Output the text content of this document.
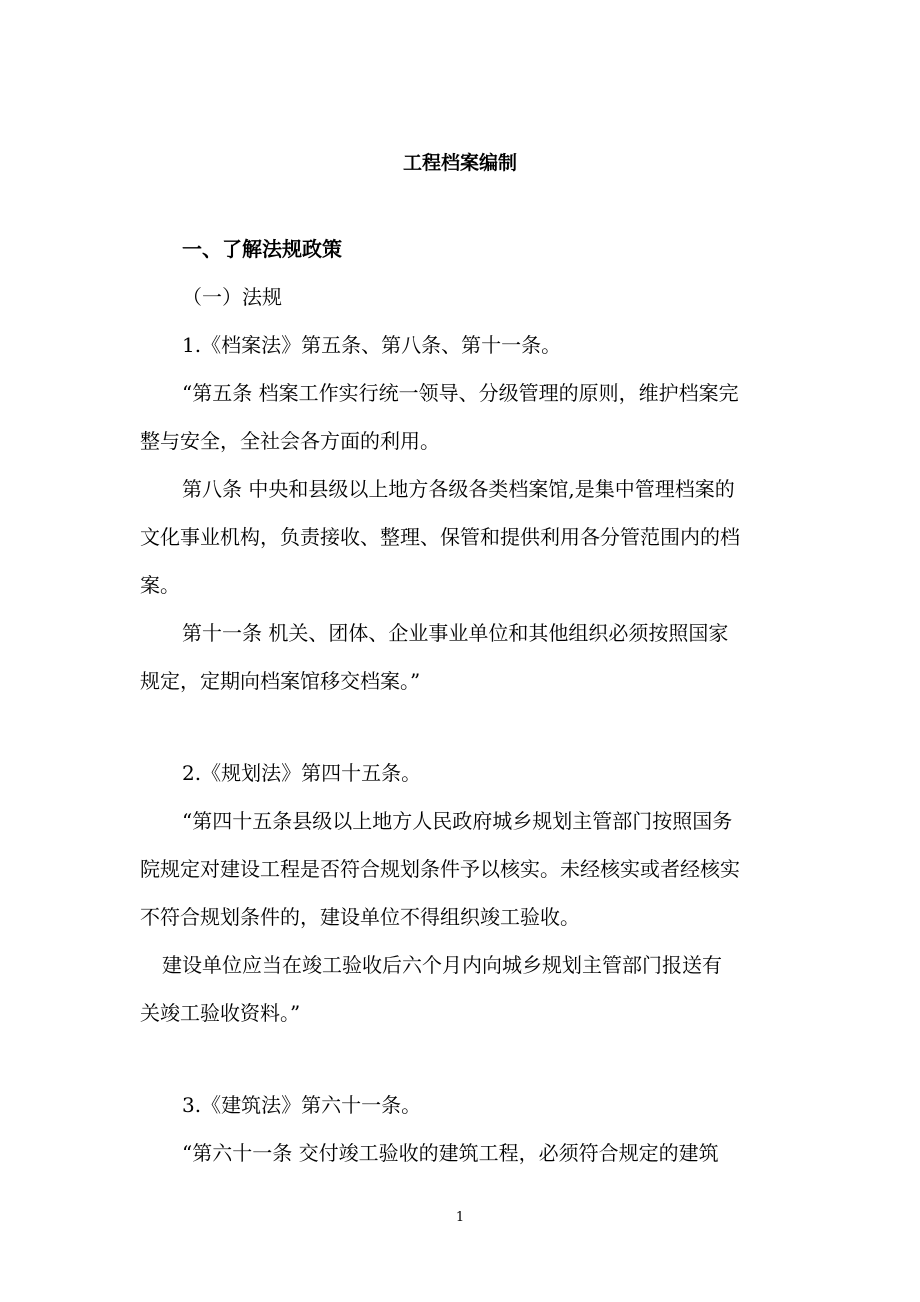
工程档案编制
一、了解法规政策
（一）法规
1.《档案法》第五条、第八条、第十一条。
“第五条 档案工作实行统一领导、分级管理的原则，维护档案完
整与安全，全社会各方面的利用。
第八条 中央和县级以上地方各级各类档案馆,是集中管理档案的
文化事业机构，负责接收、整理、保管和提供利用各分管范围内的档
案。
第十一条 机关、团体、企业事业单位和其他组织必须按照国家
规定，定期向档案馆移交档案。”
2.《规划法》第四十五条。
“第四十五条县级以上地方人民政府城乡规划主管部门按照国务
院规定对建设工程是否符合规划条件予以核实。未经核实或者经核实
不符合规划条件的，建设单位不得组织竣工验收。
建设单位应当在竣工验收后六个月内向城乡规划主管部门报送有
关竣工验收资料。”
3.《建筑法》第六十一条。
“第六十一条 交付竣工验收的建筑工程，必须符合规定的建筑
1
